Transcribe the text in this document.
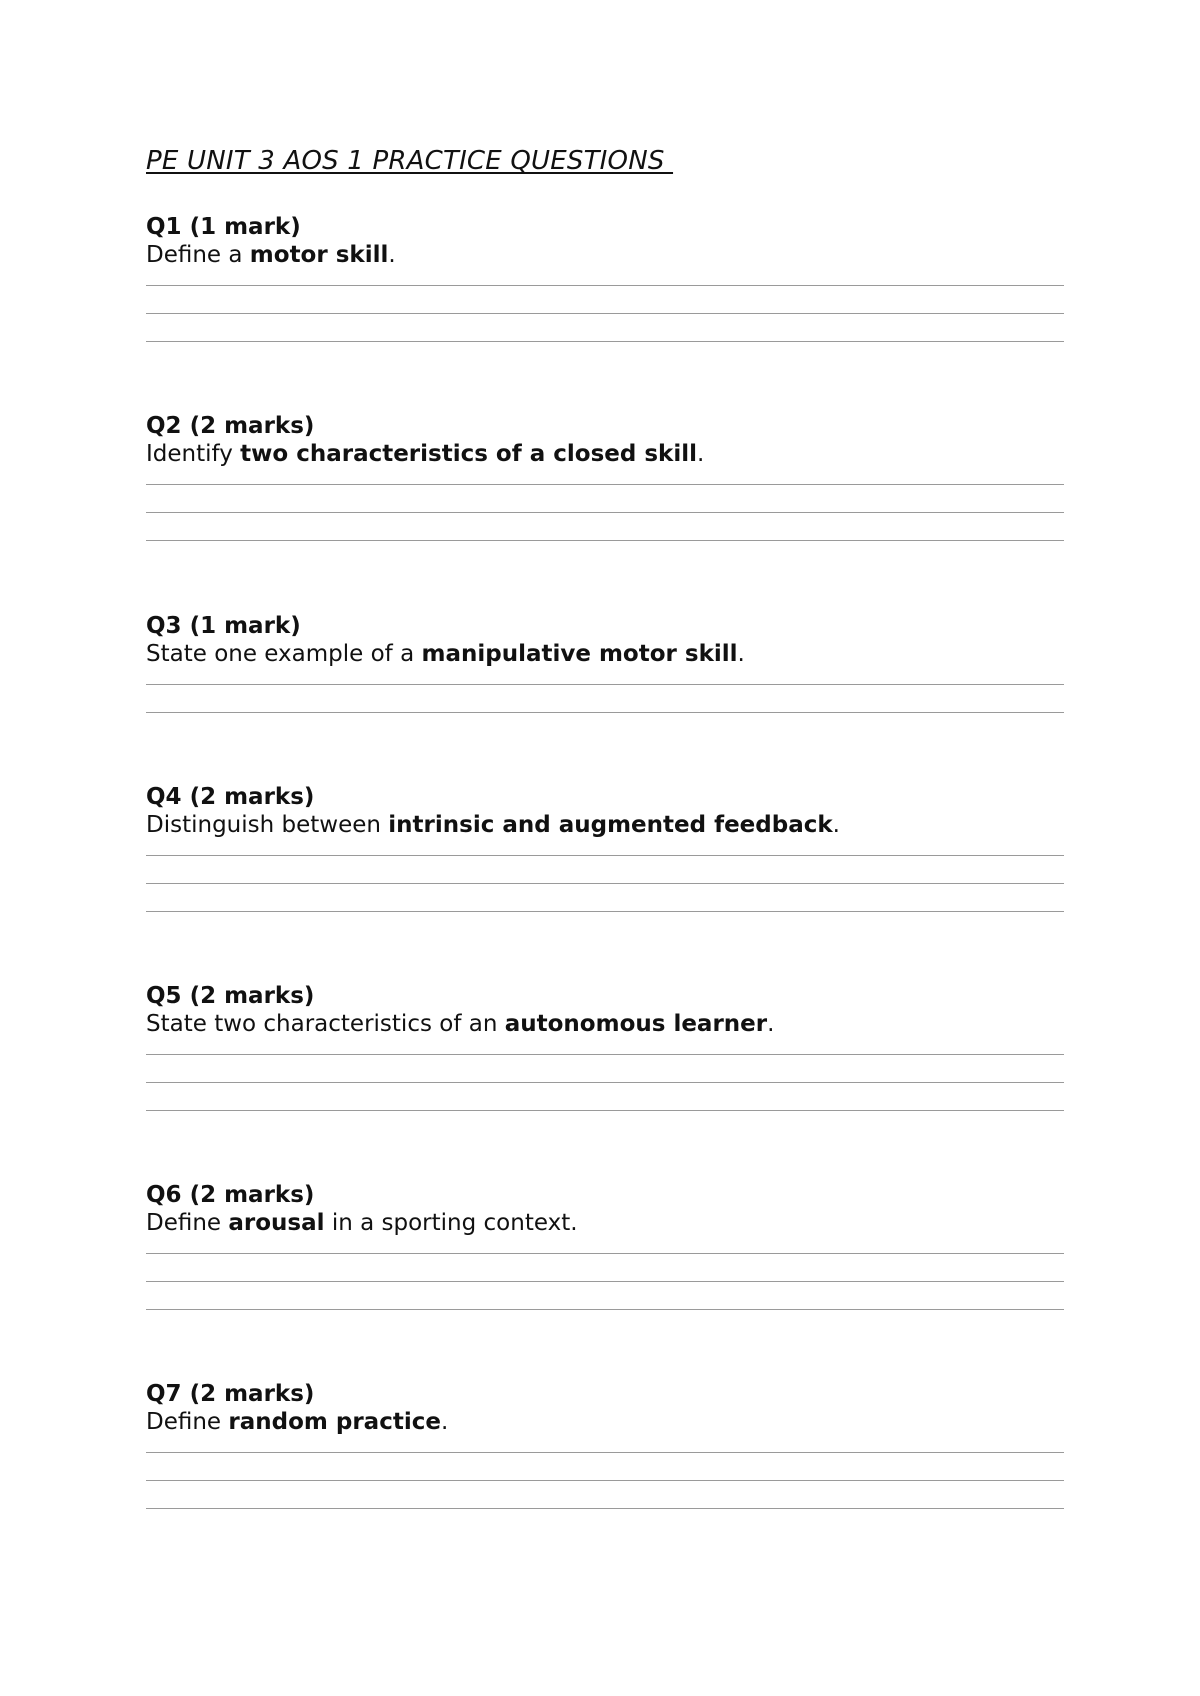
PE UNIT 3 AOS 1 PRACTICE QUESTIONS

Q1 (1 mark)

Define a motor skill.

Q2 (2 marks)

Identify two characteristics of a closed skill.

Q3 (1 mark)

State one example of a manipulative motor skill.

Q4 (2 marks)

Distinguish between intrinsic and augmented feedback.

Q5 (2 marks)

State two characteristics of an autonomous learner.

Q6 (2 marks)

Define arousal in a sporting context.

Q7 (2 marks)

Define random practice.
